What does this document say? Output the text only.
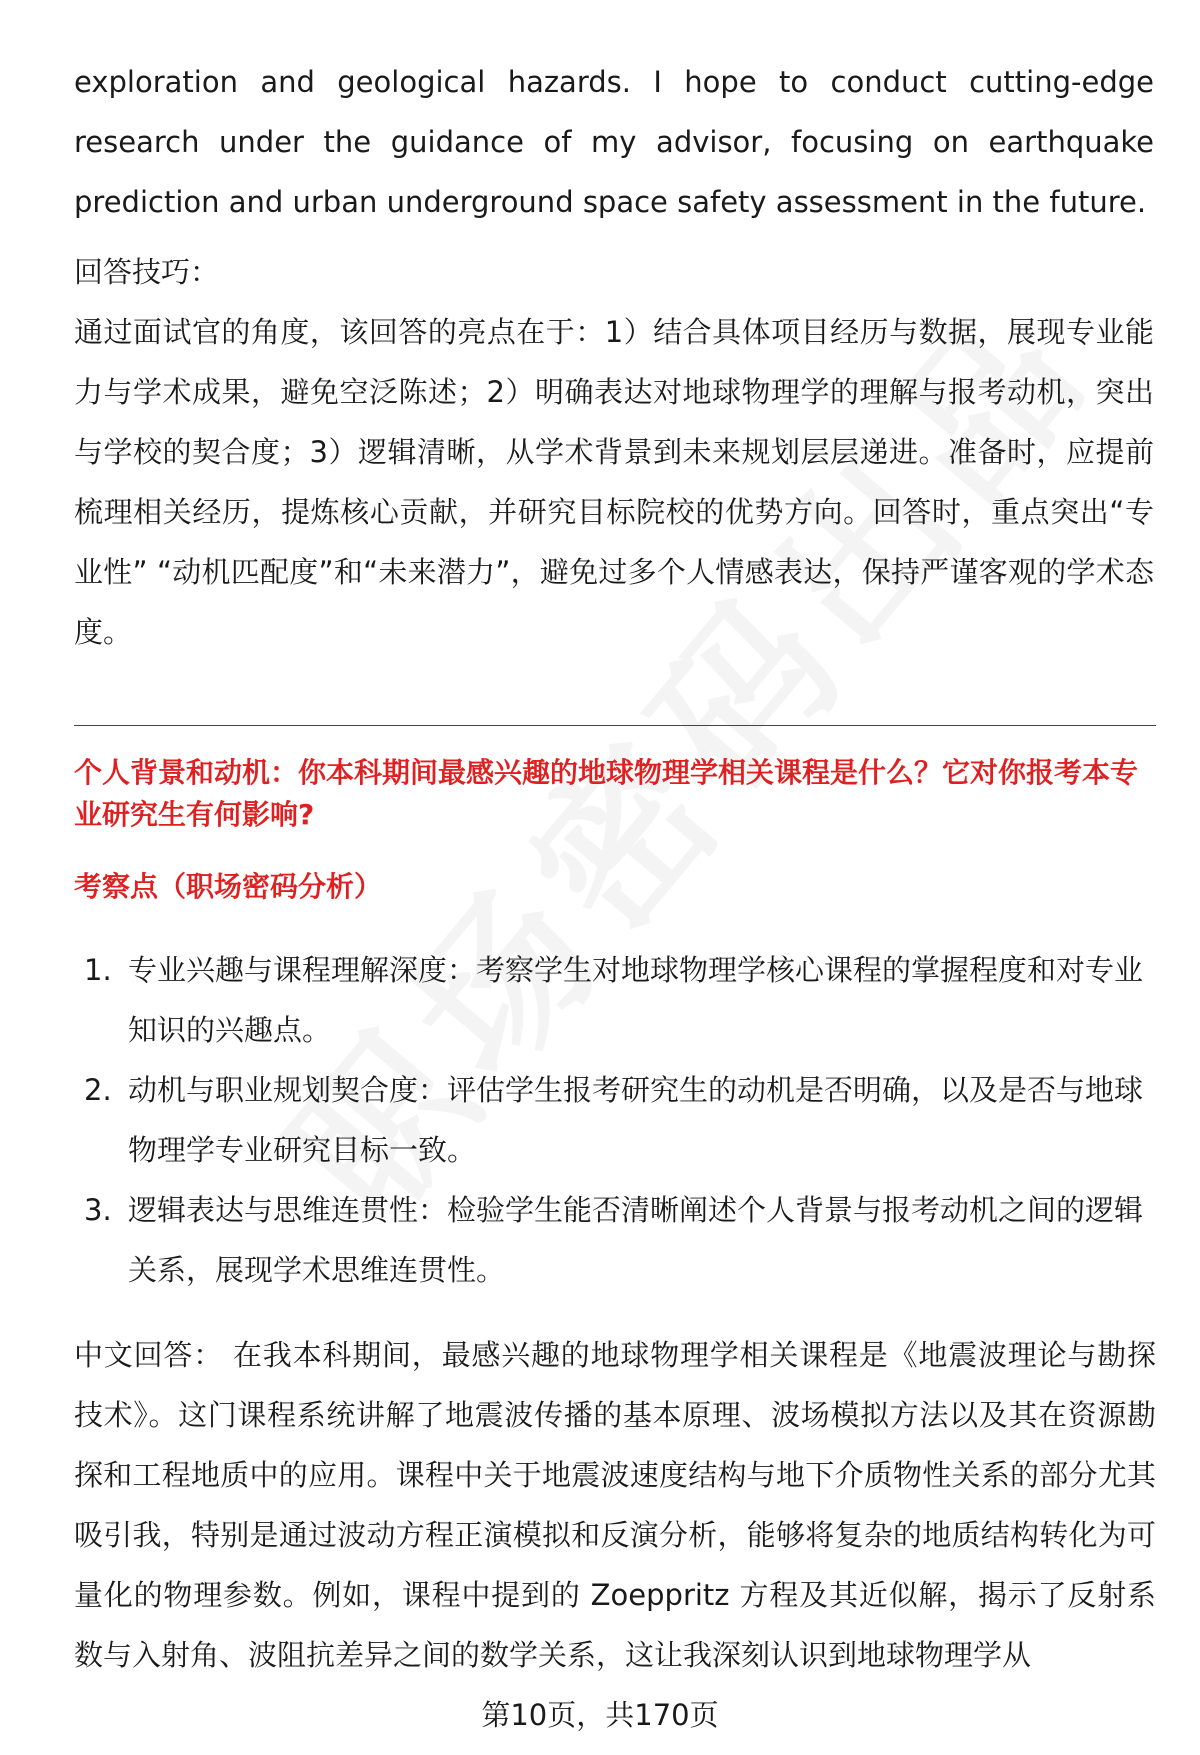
exploration and geological hazards. I hope to conduct cutting-edge research under the guidance of my advisor, focusing on earthquake prediction and urban underground space safety assessment in the future.

回答技巧：

通过面试官的角度，该回答的亮点在于：1）结合具体项目经历与数据，展现专业能力与学术成果，避免空泛陈述；2）明确表达对地球物理学的理解与报考动机，突出与学校的契合度；3）逻辑清晰，从学术背景到未来规划层层递进。准备时，应提前梳理相关经历，提炼核心贡献，并研究目标院校的优势方向。回答时，重点突出“专业性” “动机匹配度”和“未来潜力”，避免过多个人情感表达，保持严谨客观的学术态度。

个人背景和动机：你本科期间最感兴趣的地球物理学相关课程是什么？它对你报考本专业研究生有何影响?

考察点（职场密码分析）

1. 专业兴趣与课程理解深度：考察学生对地球物理学核心课程的掌握程度和对专业知识的兴趣点。
2. 动机与职业规划契合度：评估学生报考研究生的动机是否明确，以及是否与地球物理学专业研究目标一致。
3. 逻辑表达与思维连贯性：检验学生能否清晰阐述个人背景与报考动机之间的逻辑关系，展现学术思维连贯性。

中文回答： 在我本科期间，最感兴趣的地球物理学相关课程是《地震波理论与勘探技术》。这门课程系统讲解了地震波传播的基本原理、波场模拟方法以及其在资源勘探和工程地质中的应用。课程中关于地震波速度结构与地下介质物性关系的部分尤其吸引我，特别是通过波动方程正演模拟和反演分析，能够将复杂的地质结构转化为可量化的物理参数。例如，课程中提到的 Zoeppritz 方程及其近似解，揭示了反射系数与入射角、波阻抗差异之间的数学关系，这让我深刻认识到地球物理学从

第10页，共170页
